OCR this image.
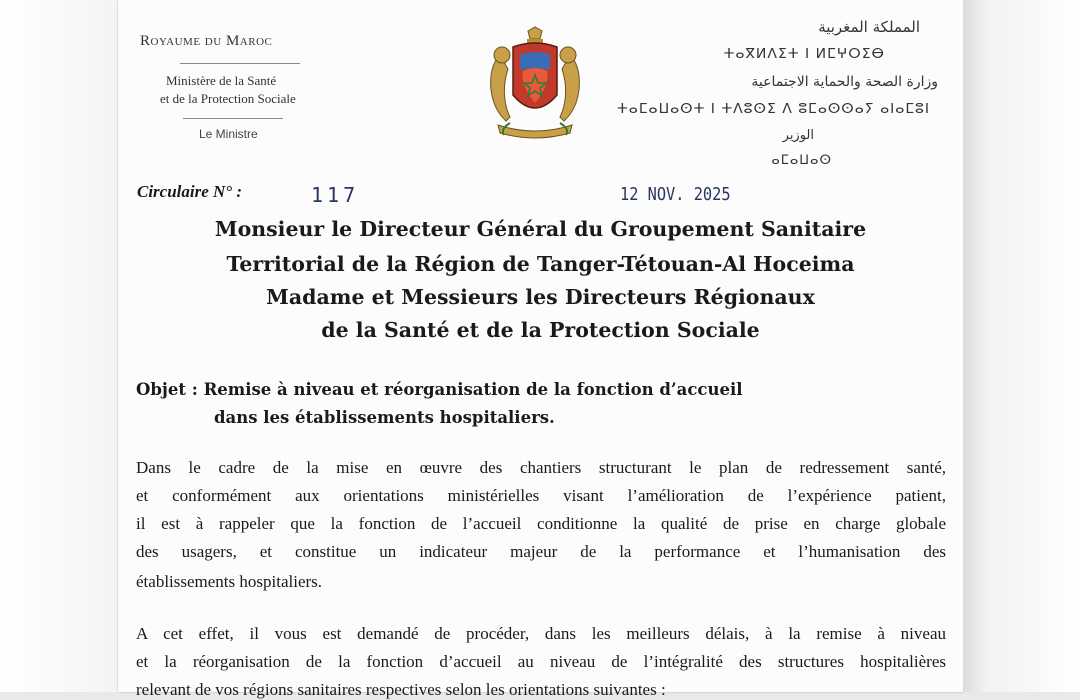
Royaume du Maroc
Ministère de la Santé
et de la Protection Sociale
Le Ministre
المملكة المغربية
ⵜⴰⴳⵍⴷⵉⵜ ⵏ ⵍⵎⵖⵔⵉⴱ
وزارة الصحة والحماية الاجتماعية
ⵜⴰⵎⴰⵡⴰⵙⵜ ⵏ ⵜⴷⵓⵙⵉ ⴷ ⵓⵎⴰⵙⵙⴰⵢ ⴰⵏⴰⵎⵓⵏ
الوزير
ⴰⵎⴰⵡⴰⵙ
Circulaire N° :	117	12 NOV. 2025
Monsieur le Directeur Général du Groupement Sanitaire
Territorial de la Région de Tanger-Tétouan-Al Hoceima
Madame et Messieurs les Directeurs Régionaux
de la Santé et de la Protection Sociale
Objet : Remise à niveau et réorganisation de la fonction d’accueil
dans les établissements hospitaliers.
Dans le cadre de la mise en œuvre des chantiers structurant le plan de redressement santé,
et conformément aux orientations ministérielles visant l’amélioration de l’expérience patient,
il est à rappeler que la fonction de l’accueil conditionne la qualité de prise en charge globale
des usagers, et constitue un indicateur majeur de la performance et l’humanisation des
établissements hospitaliers.
A cet effet, il vous est demandé de procéder, dans les meilleurs délais, à la remise à niveau
et la réorganisation de la fonction d’accueil au niveau de l’intégralité des structures hospitalières
relevant de vos régions sanitaires respectives selon les orientations suivantes :
